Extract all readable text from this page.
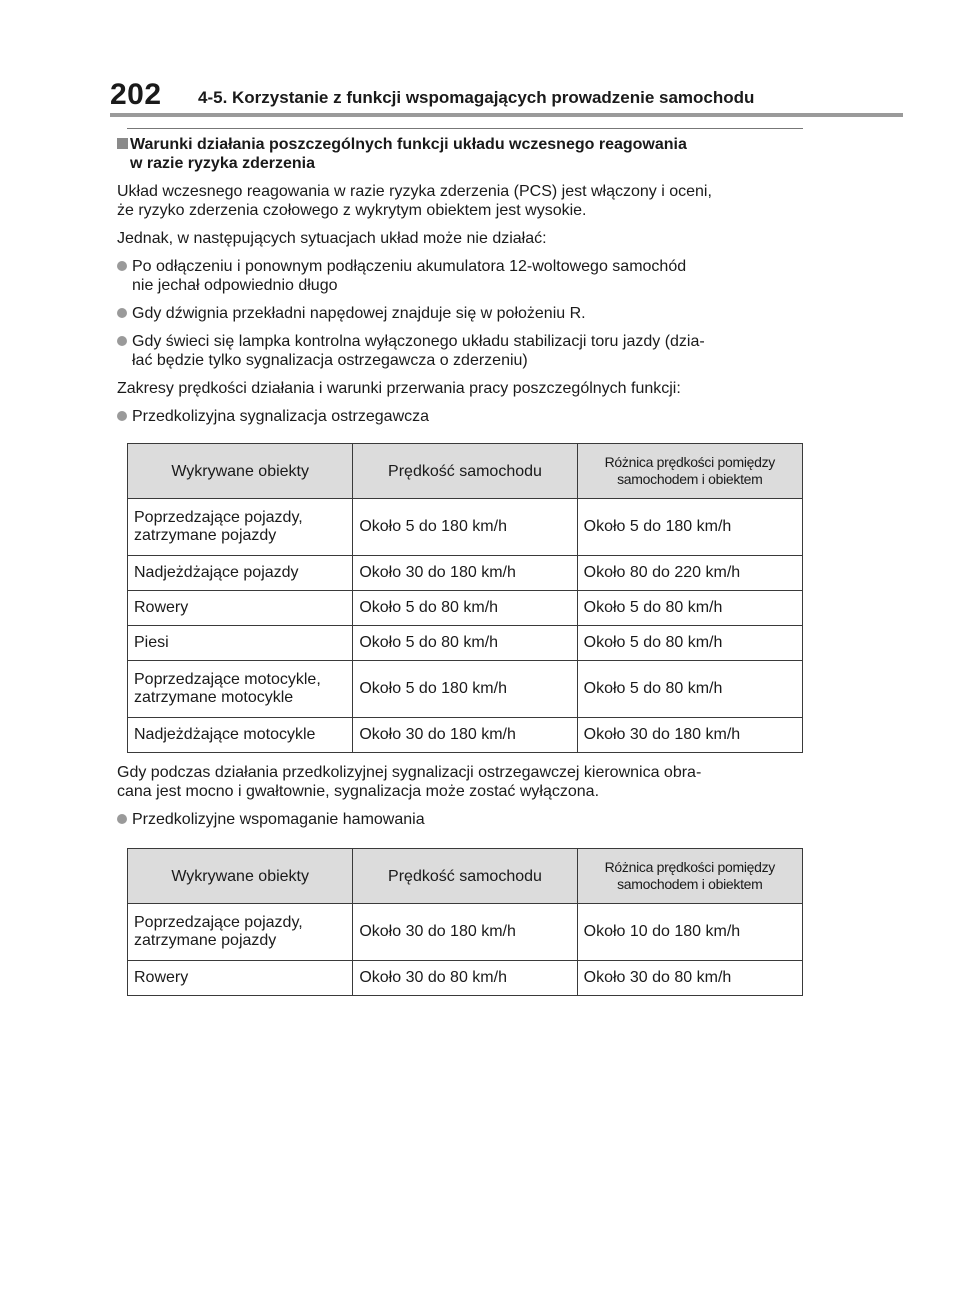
202 4-5. Korzystanie z funkcji wspomagających prowadzenie samochodu
Warunki działania poszczególnych funkcji układu wczesnego reagowania
w razie ryzyka zderzenia
Układ wczesnego reagowania w razie ryzyka zderzenia (PCS) jest włączony i oceni,
że ryzyko zderzenia czołowego z wykrytym obiektem jest wysokie.
Jednak, w następujących sytuacjach układ może nie działać:
Po odłączeniu i ponownym podłączeniu akumulatora 12-woltowego samochód
nie jechał odpowiednio długo
Gdy dźwignia przekładni napędowej znajduje się w położeniu R.
Gdy świeci się lampka kontrolna wyłączonego układu stabilizacji toru jazdy (dzia-
łać będzie tylko sygnalizacja ostrzegawcza o zderzeniu)
Zakresy prędkości działania i warunki przerwania pracy poszczególnych funkcji:
Przedkolizyjna sygnalizacja ostrzegawcza
Wykrywane obiekty	Prędkość samochodu	Różnica prędkości pomiędzy
samochodem i obiektem
Poprzedzające pojazdy,
zatrzymane pojazdy	Około 5 do 180 km/h	Około 5 do 180 km/h
Nadjeżdżające pojazdy	Około 30 do 180 km/h	Około 80 do 220 km/h
Rowery	Około 5 do 80 km/h	Około 5 do 80 km/h
Piesi	Około 5 do 80 km/h	Około 5 do 80 km/h
Poprzedzające motocykle,
zatrzymane motocykle	Około 5 do 180 km/h	Około 5 do 80 km/h
Nadjeżdżające motocykle	Około 30 do 180 km/h	Około 30 do 180 km/h
Gdy podczas działania przedkolizyjnej sygnalizacji ostrzegawczej kierownica obra-
cana jest mocno i gwałtownie, sygnalizacja może zostać wyłączona.
Przedkolizyjne wspomaganie hamowania
Wykrywane obiekty	Prędkość samochodu	Różnica prędkości pomiędzy
samochodem i obiektem
Poprzedzające pojazdy,
zatrzymane pojazdy	Około 30 do 180 km/h	Około 10 do 180 km/h
Rowery	Około 30 do 80 km/h	Około 30 do 80 km/h
